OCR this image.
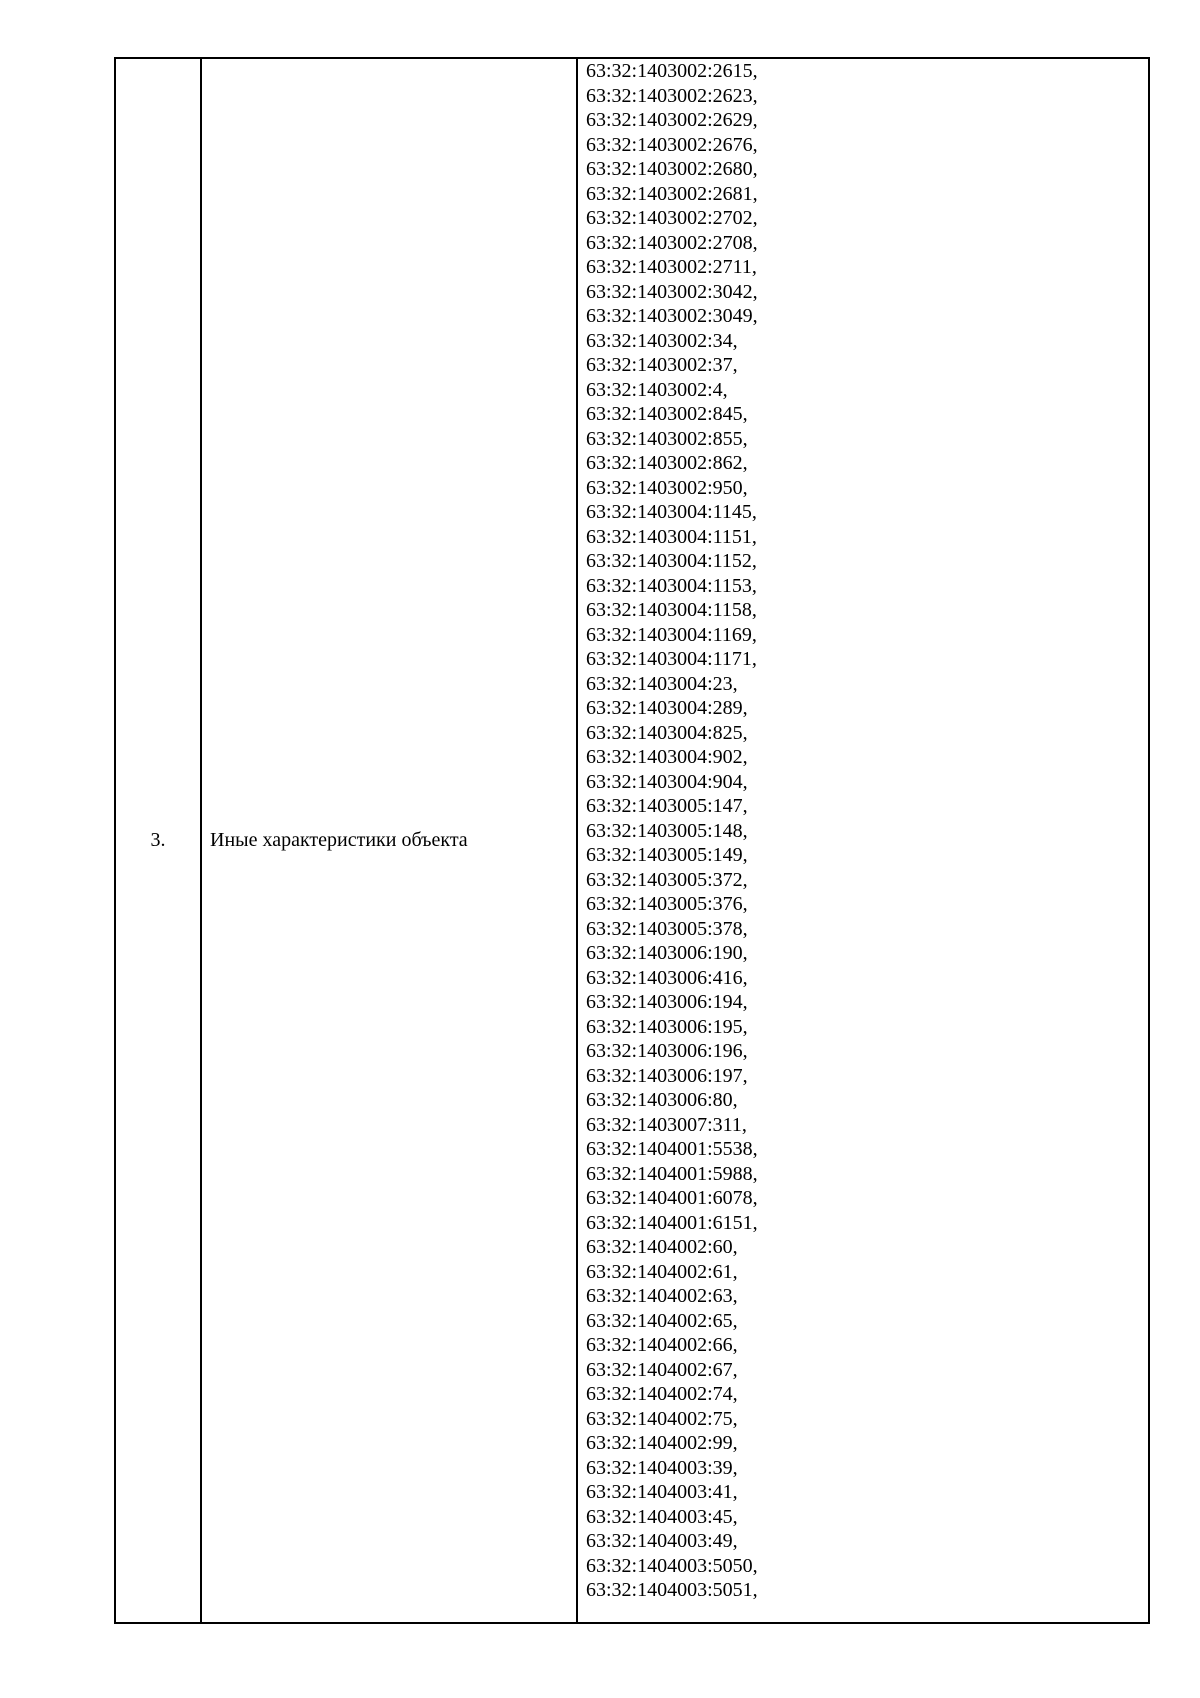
3.	Иные характеристики объекта	
63:32:1403002:2615,
63:32:1403002:2623,
63:32:1403002:2629,
63:32:1403002:2676,
63:32:1403002:2680,
63:32:1403002:2681,
63:32:1403002:2702,
63:32:1403002:2708,
63:32:1403002:2711,
63:32:1403002:3042,
63:32:1403002:3049,
63:32:1403002:34,
63:32:1403002:37,
63:32:1403002:4,
63:32:1403002:845,
63:32:1403002:855,
63:32:1403002:862,
63:32:1403002:950,
63:32:1403004:1145,
63:32:1403004:1151,
63:32:1403004:1152,
63:32:1403004:1153,
63:32:1403004:1158,
63:32:1403004:1169,
63:32:1403004:1171,
63:32:1403004:23,
63:32:1403004:289,
63:32:1403004:825,
63:32:1403004:902,
63:32:1403004:904,
63:32:1403005:147,
63:32:1403005:148,
63:32:1403005:149,
63:32:1403005:372,
63:32:1403005:376,
63:32:1403005:378,
63:32:1403006:190,
63:32:1403006:416,
63:32:1403006:194,
63:32:1403006:195,
63:32:1403006:196,
63:32:1403006:197,
63:32:1403006:80,
63:32:1403007:311,
63:32:1404001:5538,
63:32:1404001:5988,
63:32:1404001:6078,
63:32:1404001:6151,
63:32:1404002:60,
63:32:1404002:61,
63:32:1404002:63,
63:32:1404002:65,
63:32:1404002:66,
63:32:1404002:67,
63:32:1404002:74,
63:32:1404002:75,
63:32:1404002:99,
63:32:1404003:39,
63:32:1404003:41,
63:32:1404003:45,
63:32:1404003:49,
63:32:1404003:5050,
63:32:1404003:5051,
